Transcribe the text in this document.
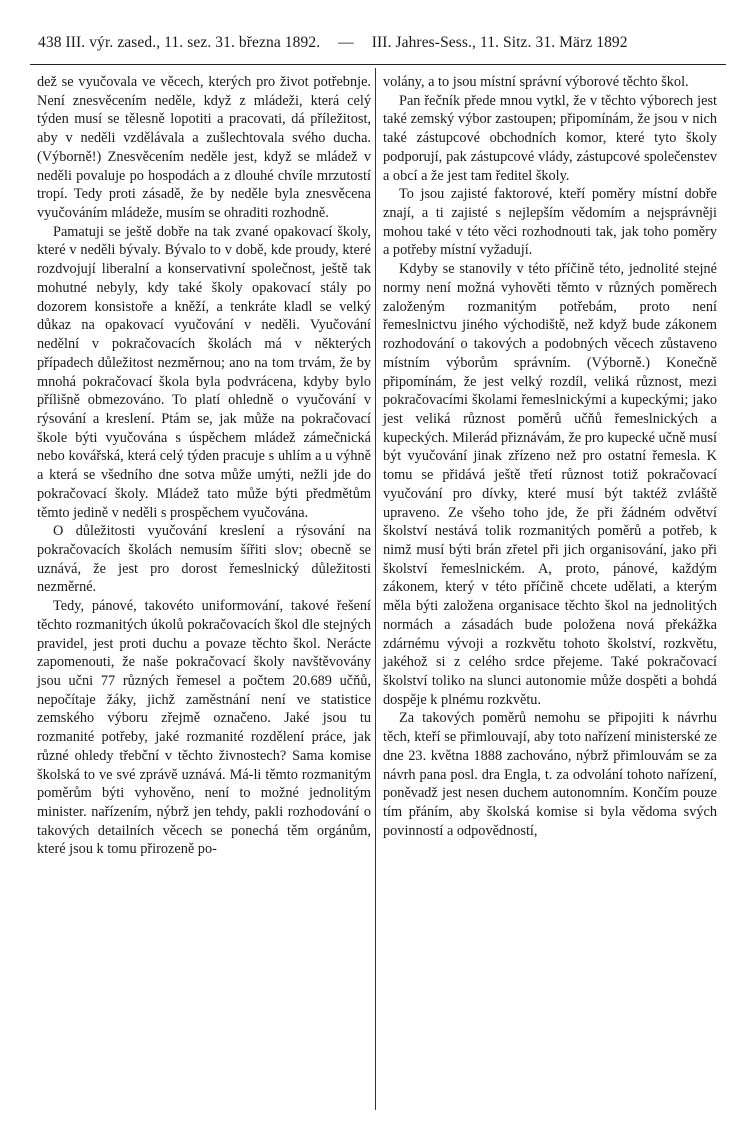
438 III. výr. zased., 11. sez. 31. března 1892. — III. Jahres-Sess., 11. Sitz. 31. März 1892

dež se vyučovala ve věcech, kterých pro život potřebnje. Není znesvěcením neděle, když z mládeži, která celý týden musí se tělesně lopotiti a pracovati, dá příležitost, aby v neděli vzdělávala a zušlechtovala svého ducha. (Výborně!) Znesvěcením neděle jest, když se mládež v neděli povaluje po hospodách a z dlouhé chvíle mrzutostí tropí. Tedy proti zásadě, že by neděle byla znesvěcena vyučováním mládeže, musím se ohraditi rozhodně.

Pamatuji se ještě dobře na tak zvané opakovací školy, které v neděli bývaly. Bývalo to v době, kde proudy, které rozdvojují liberalní a konservativní společnost, ještě tak mohutné nebyly, kdy také školy opakovací stály po dozorem konsistoře a kněží, a tenkráte kladl se velký důkaz na opakovací vyučování v neděli. Vyučování nedělní v pokračovacích školách má v některých případech důležitost nezměrnou; ano na tom trvám, že by mnohá pokračovací škola byla podvrácena, kdyby bylo přílišně obmezováno. To platí ohledně o vyučování v rýsování a kreslení. Ptám se, jak může na pokračovací škole býti vyučována s úspěchem mládež zámečnická nebo kovářská, která celý týden pracuje s uhlím a u výhně a která se všedního dne sotva může umýti, nežli jde do pokračovací školy. Mládež tato může býti předmětům těmto jedině v neděli s prospěchem vyučována.

O důležitosti vyučování kreslení a rýsování na pokračovacích školách nemusím šířiti slov; obecně se uznává, že jest pro dorost řemeslnický důležitosti nezměrné.

Tedy, pánové, takovéto uniformování, takové řešení těchto rozmanitých úkolů pokračovacích škol dle stejných pravidel, jest proti duchu a povaze těchto škol. Nerácte zapomenouti, že naše pokračovací školy navštěvovány jsou učni 77 různých řemesel a počtem 20.689 učňů, nepočítaje žáky, jichž zaměstnání není ve statistice zemského výboru zřejmě označeno. Jaké jsou tu rozmanité potřeby, jaké rozmanité rozdělení práce, jak různé ohledy třebční v těchto živnostech? Sama komise školská to ve své zprávě uznává. Má-li těmto rozmanitým poměrům býti vyhověno, není to možné jednolitým minister. nařízením, nýbrž jen tehdy, pakli rozhodování o takových detailních věcech se ponechá těm orgánům, které jsou k tomu přirozeně po-

volány, a to jsou místní správní výborové těchto škol.

Pan řečník přede mnou vytkl, že v těchto výborech jest také zemský výbor zastoupen; připomínám, že jsou v nich také zástupcové obchodních komor, které tyto školy podporují, pak zástupcové vlády, zástupcové společenstev a obcí a že jest tam ředitel školy.

To jsou zajisté faktorové, kteří poměry místní dobře znají, a ti zajisté s nejlepším vědomím a nejsprávněji mohou také v této věci rozhodnouti tak, jak toho poměry a potřeby místní vyžadují.

Kdyby se stanovily v této příčině této, jednolité stejné normy není možná vyhověti těmto v různých poměrech založeným rozmanitým potřebám, proto není řemeslnictvu jiného východiště, než když bude zákonem rozhodování o takových a podobných věcech zůstaveno místním výborům správním. (Výborně.) Konečně připomínám, že jest velký rozdíl, veliká různost, mezi pokračovacími školami řemeslnickými a kupeckými; jako jest veliká různost poměrů učňů řemeslnických a kupeckých. Milerád přiznávám, že pro kupecké učně musí být vyučování jinak zřízeno než pro ostatní řemesla. K tomu se přidává ještě třetí různost totiž pokračovací vyučování pro dívky, které musí být taktéž zvláště upraveno. Ze všeho toho jde, že při žádném odvětví školství nestává tolik rozmanitých poměrů a potřeb, k nimž musí býti brán zřetel při jich organisování, jako při školství řemeslnickém. A, proto, pánové, každým zákonem, který v této příčině chcete udělati, a kterým měla býti založena organisace těchto škol na jednolitých normách a zásadách bude položena nová překážka zdárnému vývoji a rozkvětu tohoto školství, rozkvětu, jakéhož si z celého srdce přejeme. Také pokračovací školství toliko na slunci autonomie může dospěti a bohdá dospěje k plnému rozkvětu.

Za takových poměrů nemohu se připojiti k návrhu těch, kteří se přimlouvají, aby toto nařízení ministerské ze dne 23. května 1888 zachováno, nýbrž přimlouvám se za návrh pana posl. dra Engla, t. za odvolání tohoto nařízení, poněvadž jest nesen duchem autonomním. Končím pouze tím přáním, aby školská komise si byla vědoma svých povinností a odpovědností,
